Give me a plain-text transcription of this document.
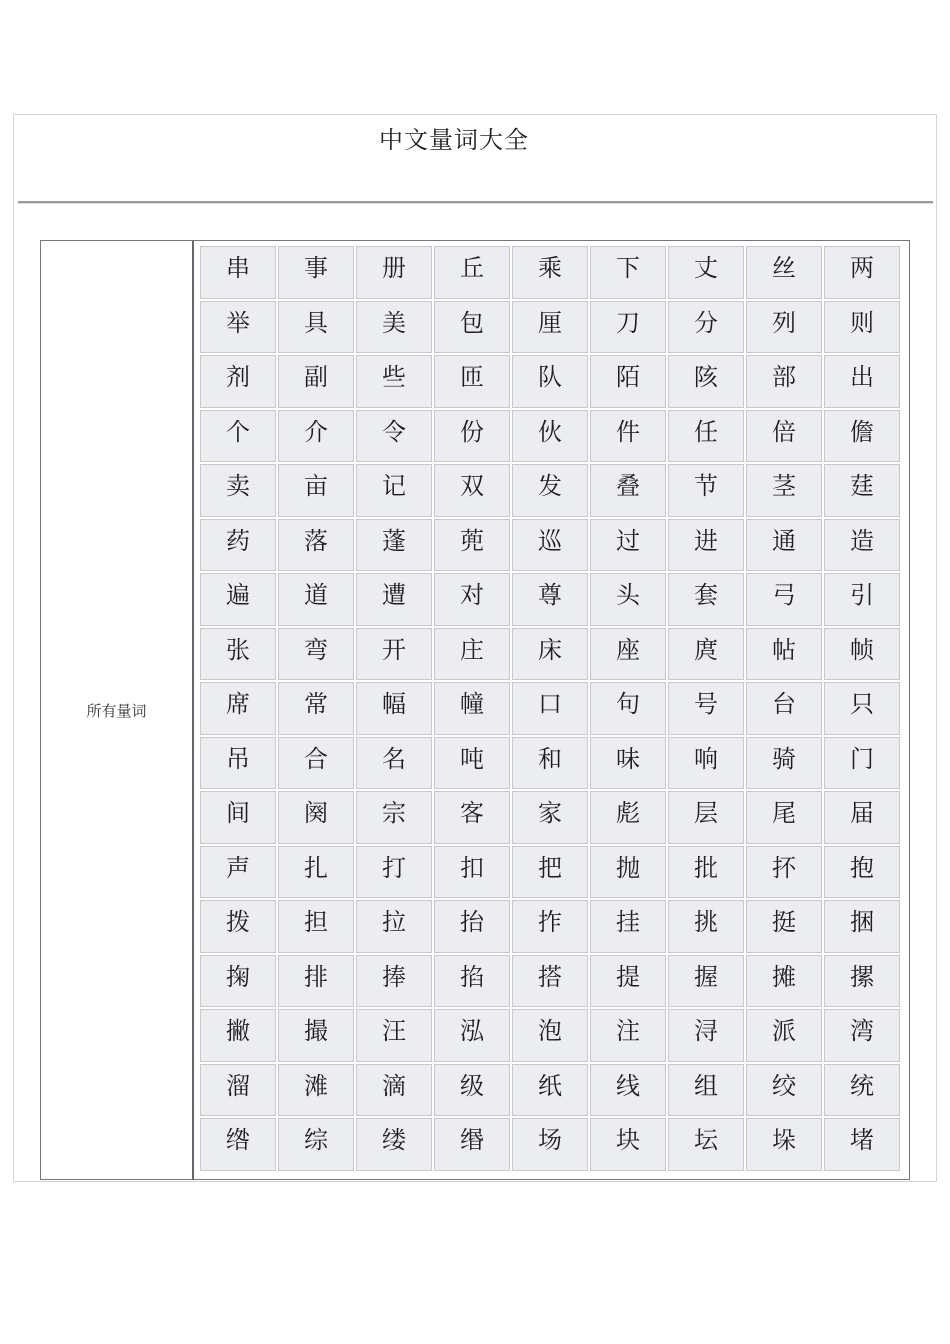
中文量词大全
所有量词
串	事	册	丘	乘	下	丈	丝	两
举	具	美	包	厘	刀	分	列	则
剂	副	些	匝	队	陌	陔	部	出
个	介	令	份	伙	件	任	倍	儋
卖	亩	记	双	发	叠	节	茎	莛
药	落	蓬	蔸	巡	过	进	通	造
遍	道	遭	对	尊	头	套	弓	引
张	弯	开	庄	床	座	庹	帖	帧
席	常	幅	幢	口	句	号	台	只
吊	合	名	吨	和	味	响	骑	门
间	阕	宗	客	家	彪	层	尾	届
声	扎	打	扣	把	抛	批	抔	抱
拨	担	拉	抬	拃	挂	挑	挺	捆
掬	排	捧	掐	搭	提	握	摊	摞
撇	撮	汪	泓	泡	注	浔	派	湾
溜	滩	滴	级	纸	线	组	绞	统
绺	综	缕	缗	场	块	坛	垛	堵
